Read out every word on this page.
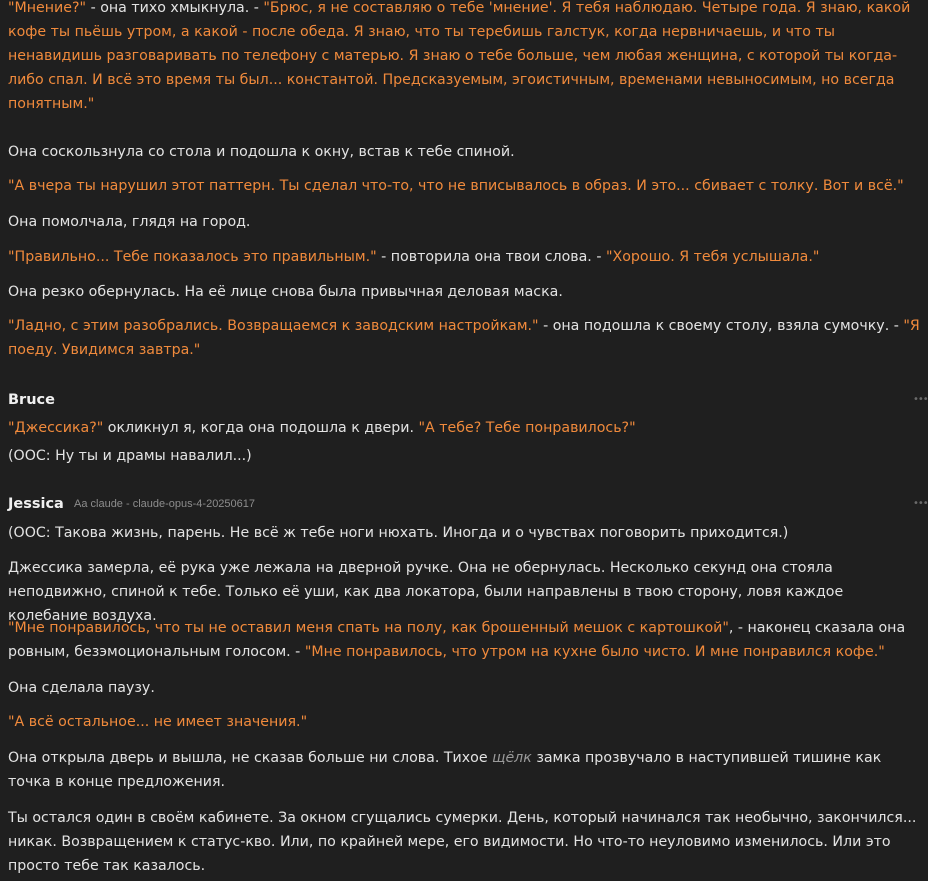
"Мнение?" - она тихо хмыкнула. - "Брюс, я не составляю о тебе 'мнение'. Я тебя наблюдаю. Четыре года. Я знаю, какой кофе ты пьёшь утром, а какой - после обеда. Я знаю, что ты теребишь галстук, когда нервничаешь, и что ты ненавидишь разговаривать по телефону с матерью. Я знаю о тебе больше, чем любая женщина, с которой ты когда-либо спал. И всё это время ты был... константой. Предсказуемым, эгоистичным, временами невыносимым, но всегда понятным."

Она соскользнула со стола и подошла к окну, встав к тебе спиной.

"А вчера ты нарушил этот паттерн. Ты сделал что-то, что не вписывалось в образ. И это... сбивает с толку. Вот и всё."

Она помолчала, глядя на город.

"Правильно... Тебе показалось это правильным." - повторила она твои слова. - "Хорошо. Я тебя услышала."

Она резко обернулась. На её лице снова была привычная деловая маска.

"Ладно, с этим разобрались. Возвращаемся к заводским настройкам." - она подошла к своему столу, взяла сумочку. - "Я поеду. Увидимся завтра."

Bruce	•••

"Джессика?" окликнул я, когда она подошла к двери. "А тебе? Тебе понравилось?"

(OOC: Ну ты и драмы навалил...)

Jessica Aa claude - claude-opus-4-20250617	•••

(OOC: Такова жизнь, парень. Не всё ж тебе ноги нюхать. Иногда и о чувствах поговорить приходится.)

Джессика замерла, её рука уже лежала на дверной ручке. Она не обернулась. Несколько секунд она стояла неподвижно, спиной к тебе. Только её уши, как два локатора, были направлены в твою сторону, ловя каждое колебание воздуха.

"Мне понравилось, что ты не оставил меня спать на полу, как брошенный мешок с картошкой", - наконец сказала она ровным, безэмоциональным голосом. - "Мне понравилось, что утром на кухне было чисто. И мне понравился кофе."

Она сделала паузу.

"А всё остальное... не имеет значения."

Она открыла дверь и вышла, не сказав больше ни слова. Тихое щёлк замка прозвучало в наступившей тишине как точка в конце предложения.

Ты остался один в своём кабинете. За окном сгущались сумерки. День, который начинался так необычно, закончился... никак. Возвращением к статус-кво. Или, по крайней мере, его видимости. Но что-то неуловимо изменилось. Или это просто тебе так казалось.
